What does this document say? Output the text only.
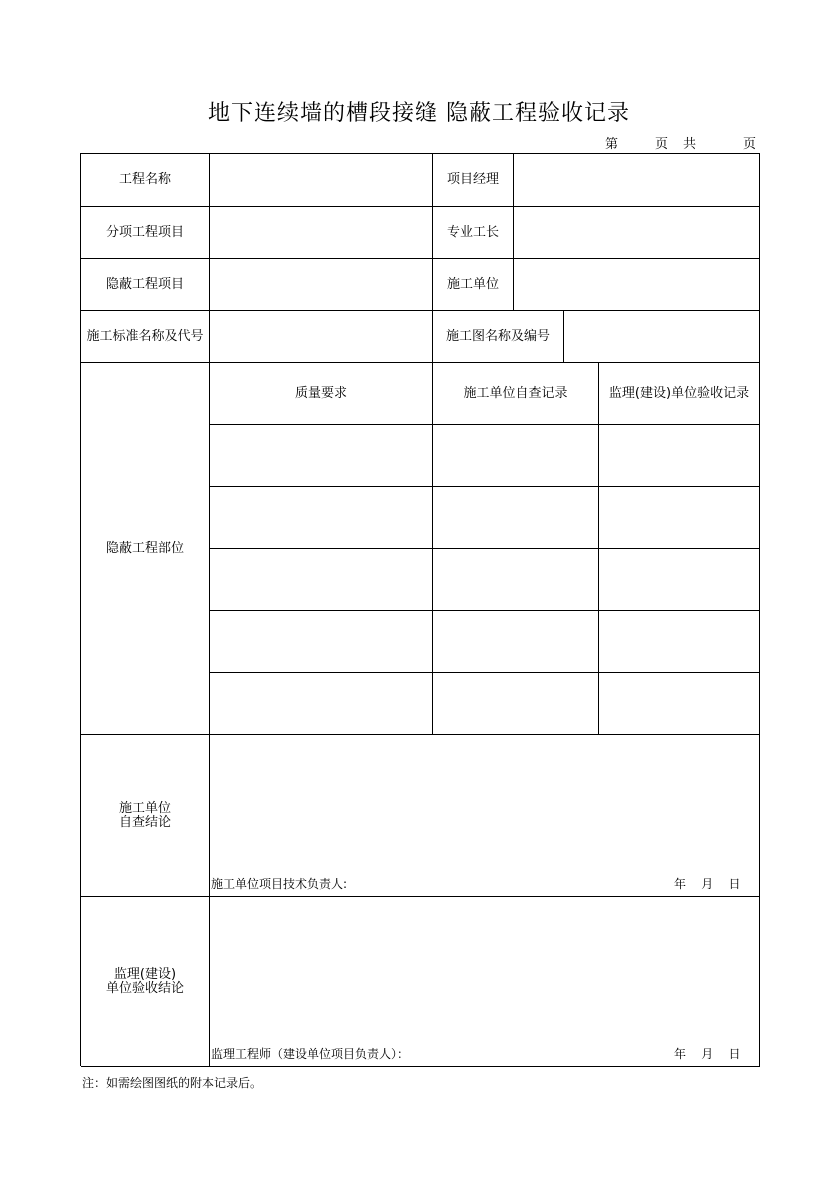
地下连续墙的槽段接缝 隐蔽工程验收记录
第	页 共	页
工程名称	项目经理
分项工程项目	专业工长
隐蔽工程项目	施工单位
施工标准名称及代号	施工图名称及编号
隐蔽工程部位
质量要求	施工单位自查记录	监理(建设)单位验收记录
施工单位
自查结论
监理(建设)
单位验收结论
施工单位项目技术负责人:	年    月    日
监理工程师（建设单位项目负责人）：	年    月    日
注：如需绘图图纸的附本记录后。
